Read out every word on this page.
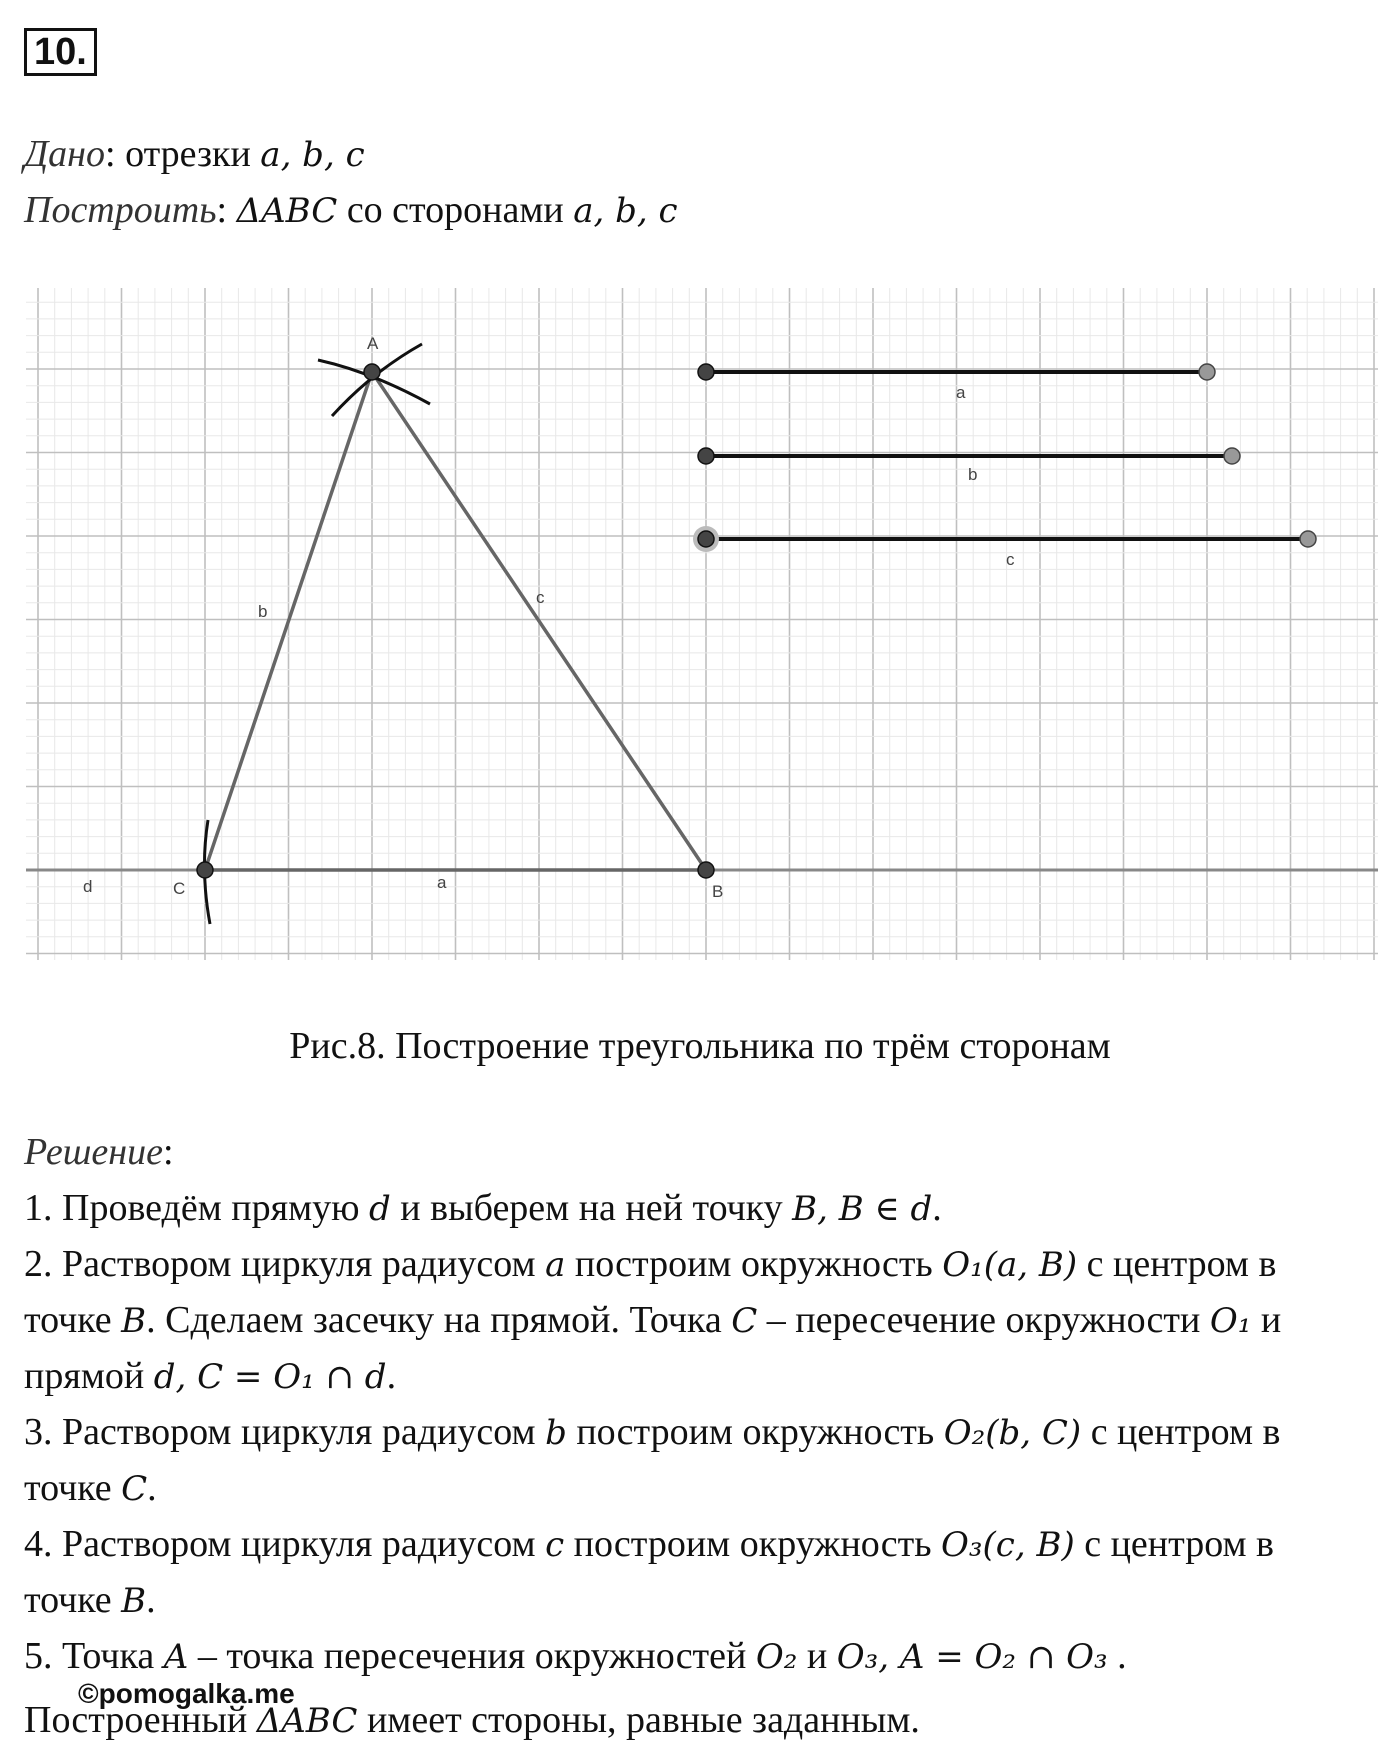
10.
Дано: отрезки a, b, c
Построить: ΔABC со сторонами a, b, c
A
B
C
d	a
b
c
a
b
c
Рис.8. Построение треугольника по трём сторонам
Решение:
1. Проведём прямую d и выберем на ней точку B, B ∈ d.
2. Раствором циркуля радиусом a построим окружность O₁(a, B) с центром в
точке B. Сделаем засечку на прямой. Точка C – пересечение окружности O₁ и
прямой d, C = O₁ ∩ d.
3. Раствором циркуля радиусом b построим окружность O₂(b, C) с центром в
точке C.
4. Раствором циркуля радиусом c построим окружность O₃(c, B) с центром в
точке B.
5. Точка A – точка пересечения окружностей O₂ и O₃, A = O₂ ∩ O₃ .
Построенный ΔABC имеет стороны, равные заданным.
©pomogalka.me
